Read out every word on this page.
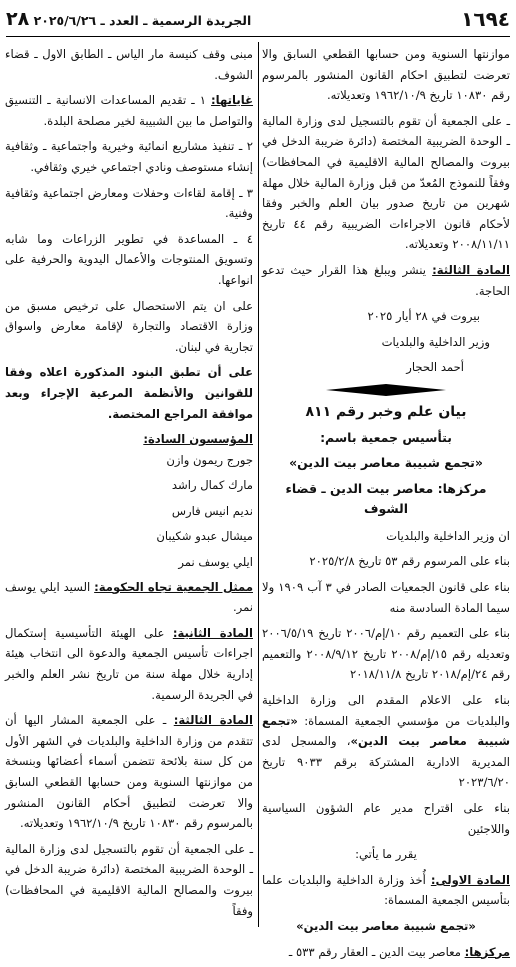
ـ ٢٠٢٥/٦/٢٦ ٢٨	الجريدة الرسمية ـ العدد	١٦٩٤

موازنتها السنوية ومن حسابها القطعي السابق والا تعرضت لتطبيق احكام القانون المنشور بالمرسوم رقم ١٠٨٣٠ تاريخ ١٩٦٢/١٠/٩ وتعديلاته.

ـ على الجمعية أن تقوم بالتسجيل لدى وزارة المالية ـ الوحدة الضريبية المختصة (دائرة ضريبة الدخل في بيروت والمصالح المالية الاقليمية في المحافظات) وفقاً للنموذج المُعدّ من قبل وزارة المالية خلال مهلة شهرين من تاريخ صدور بيان العلم والخبر وفقا لأحكام قانون الاجراءات الضريبية رقم ٤٤ تاريخ ٢٠٠٨/١١/١١ وتعديلاته.

المادة الثالثة: ينشر ويبلغ هذا القرار حيث تدعو الحاجة.

بيروت في ٢٨ أيار ٢٠٢٥

وزير الداخلية والبلديات

أحمد الحجار

بيان علم وخبر رقم ٨١١

بتأسيس جمعية باسم:

«تجمع شبيبة معاصر بيت الدين»

مركزها: معاصر بيت الدين ـ قضاء الشوف

ان وزير الداخلية والبلديات

بناء على المرسوم رقم ٥٣ تاريخ ٢٠٢٥/٢/٨

بناء على قانون الجمعيات الصادر في ٣ آب ١٩٠٩ ولا سيما المادة السادسة منه

بناء على التعميم رقم ١٠/إم/٢٠٠٦ تاريخ ٢٠٠٦/٥/١٩ وتعديله رقم ١٥/إم/٢٠٠٨ تاريخ ٢٠٠٨/٩/١٢ والتعميم رقم ٢٤/إم/٢٠١٨ تاريخ ٢٠١٨/١١/٨

بناء على الاعلام المقدم الى وزارة الداخلية والبلديات من مؤسسي الجمعية المسماة: «تجمع شبيبة معاصر بيت الدين»، والمسجل لدى المديرية الادارية المشتركة برقم ٩٠٣٣ تاريخ ٢٠٢٣/٦/٢٠

بناء على اقتراح مدير عام الشؤون السياسية واللاجئين

يقرر ما يأتي:

المادة الاولى: أُخذ وزارة الداخلية والبلديات علما بتأسيس الجمعية المسماة:

«تجمع شبيبة معاصر بيت الدين»

مركزها: معاصر بيت الدين ـ العقار رقم ٥٣٣ ـ

مبنى وقف كنيسة مار الياس ـ الطابق الاول ـ قضاء الشوف.

غاياتها: ١ ـ تقديم المساعدات الانسانية ـ التنسيق والتواصل ما بين الشبيبة لخير مصلحة البلدة.

٢ ـ تنفيذ مشاريع انمائية وخيرية واجتماعية ـ وثقافية إنشاء مستوصف ونادي اجتماعي خيري وثقافي.

٣ ـ إقامة لقاءات وحفلات ومعارض اجتماعية وثقافية وفنية.

٤ ـ المساعدة في تطوير الزراعات وما شابه وتسويق المنتوجات والأعمال اليدوية والحرفية على انواعها.

على ان يتم الاستحصال على ترخيص مسبق من وزارة الاقتصاد والتجارة لإقامة معارض واسواق تجارية في لبنان.

على أن تطبق البنود المذكورة اعلاه وفقا للقوانين والأنظمة المرعية الإجراء وبعد موافقة المراجع المختصة.

المؤسسون السادة:

جورج ريمون وازن

مارك كمال راشد

نديم انيس فارس

ميشال عبدو شكيبان

ايلي يوسف نمر

ممثل الجمعية تجاه الحكومة: السيد ايلي يوسف نمر.

المادة الثانية: على الهيئة التأسيسية إستكمال اجراءات تأسيس الجمعية والدعوة الى انتخاب هيئة إدارية خلال مهلة سنة من تاريخ نشر العلم والخبر في الجريدة الرسمية.

المادة الثالثة: ـ على الجمعية المشار اليها أن تتقدم من وزارة الداخلية والبلديات في الشهر الأول من كل سنة بلائحة تتضمن أسماء أعضائها وبنسخة من موازنتها السنوية ومن حسابها القطعي السابق والا تعرضت لتطبيق أحكام القانون المنشور بالمرسوم رقم ١٠٨٣٠ تاريخ ١٩٦٢/١٠/٩ وتعديلاته.

ـ على الجمعية أن تقوم بالتسجيل لدى وزارة المالية ـ الوحدة الضريبية المختصة (دائرة ضريبة الدخل في بيروت والمصالح المالية الاقليمية في المحافظات) وفقاً
